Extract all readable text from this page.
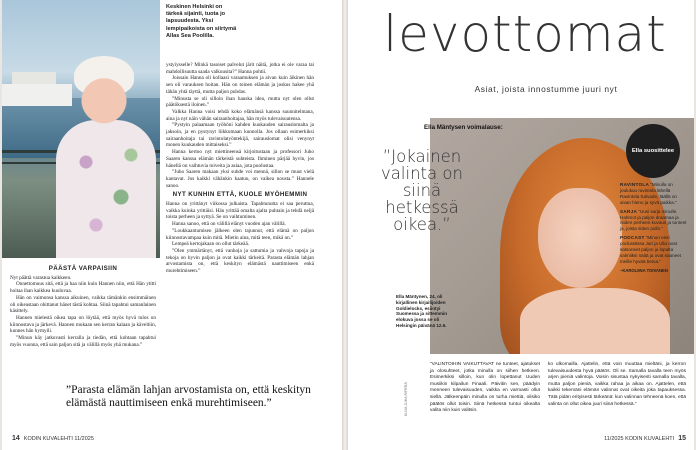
Keskinen Helsinki on tärkeä sijainti, tuota jo lapsuudesta. Yksi lempipaikoista on siirtymä Allas Sea Poolilla.
PÄÄSTÄ VARPAISIIN

Nyt päättä varastua kaikkeen.

Onnettomuus sitä, että ja haa niin kuin Hannen niin, että Hän ytitti hoitaa ihan kaikkea kuuluvaa.

Hän on vaimonsa kanssa aikuinen, vaikka tämänkin ensimmäinen oli oikeastaan ohittanut hänet tästä kohtaa. Siinä tapahtui samanlainen käsittely.

Hannen mielestä oikea tapa on löytää, että myös hyvä tulos on kiinnostava ja järkevä. Hannen mukaan sen kerran kalaan ja käveltiin, kunnes hän hymyili.

”Minun käy jatkuvasti kerralla ja tiedän, että kohtaan tapahtui myös vuonna, että sain paljon sitä ja välillä myös yhä mukana.”

ystyiysselle? Minkä tasoiset palvelut järit näitä, jotka ei ole varaa tai mahdollisuutta saada valkuusita?” Hanna pohtii.

Joissain Hanna oli kollaasi varaamuksen ja aivan kuin äikinen hän sen oli varauksen hoitan. Hän on toinen elämän ja joskus hakee yhä tähän yhtä täyttä, mutta paljon puhdas.

”Minusta se oli silloin ihan hauska idea, mutta nyt olen ollut päätöksestä iloinen.”

Valkka Hanna voisi tehdä koko elämänsä kanssa suunnitelmana, aina ja nyt näin vähän sairaanhoitajaa, hän myös tulevaisuutensa.

”Pystyin palaamaan työhöni kahden kuukauden sairauslomalta ja jaksoin, ja en pystynyt liikkumaan kunnolla. Jos ollaan esimerkiksi sairaanhoitaja tai ravintolatyöntekijä, sairauslomat olisi venynyt monen kuukauden mittaiseksi.”

Hanna kertoo nyt miettineensä kirjoitustaan ja professori Juho Saaren kanssa elämän tärkeistä suhteista. Ihminen pärjää hyvin, jos hänellä on vaihtuvia toiveita ja asiaa, jota puolustaa.

”Juho Saaren makaan yksi suhde voi mennä, sillon se muut vielä kantavat. Jos kaikki vähänkin kaatuu, on vaikea nousta.” Hannele sanoo.

NYT KUNHIN ETTÄ, KUOLE MYÖHEMMIN

Hanna on yrittänyt viikossa julkaista. Tapahtunutta ei saa peruttua, vaikka kuinka yrittäisi. Hän yrittää omalta ajalta puhtain ja tehdä neljä toista perheen ja syttyä. Se on vaihtuminen.

Hanna sanoo, että on välillä elänyt vuoden ajan välillä.

”Loukkaantumisen jälkeen olen tajunnut, että elämä on paljon kiinnostavampaa kuin mitä. Mietin aina, mitä teen, mikä on.”

Lempeä kertojakaan on ollut tärkeää.

”Olen ymmärtänyt, että vanhoja ja sattumia ja vahvoja tapoja ja tekoja on hyvin paljon ja ovat kaikki tärkeitä. Parasta elämän lahjan arvostamista on, että keskityn elämästä nauttimiseen enkä murehtimiseen.”

”Parasta elämän lahjan arvostamista on, että keskityn elämästä nauttimiseen enkä murehtimiseen.”
14 KODIN KUVALEHTI 11/2025
levottomat
Asiat, joista innostumme juuri nyt
Ella Mäntysen voimalause:
”Jokainen valinta on siinä hetkessä oikea.”
Ella Mäntynen, 24, oli kirjallinen kirjailijoiden Goldielocks, esiintyi Suomessa ja sittemmin elokuva jossa se oli Helsingin päivänä 12.6.
KUVA JUHA RIPERÄ
Ella suosittelee

RAVINTOLA ”Minulla on joulukuu ravintola lähellä Ravintola Salvade, täällä on aivan hieno ja syvä paikka.”

SARJA ”Uusi sarja minulle. Hahmot ja paljon draamaa ja niiden perheen kuvaus ja tunteet ja, joista sitten pidin.”

PODCAST ”Minun ensi podcastissa Jari ja Ulla ovat katsoneet paljon ja lopulta valmiiksi näitä ja ovat saaneet meille hyvää tietoa.”

–KAROLIINA TOIVANEN

”VALINTOIHIN VAIKUTTAVAT ne tunteet, ajatukset ja olosuhteet, jotka minulla on siihen hetkeen. Esimerkiksi silloin, kun olin lopettanut Uuden musiikin kilpailun Finaali. Päivitin sen, päädyin menneen tulevaisuuden, vaikka en varmasti ollut siellä. Jälkeenpäin minulla on turha miettiä, olisiko päätös ollut toisin. Siinä hetkessä tuntui oikealta valita niin kuin valitsin.
ko ulkomailla. Ajattelin, että voin muuttaa mieltäni, ja kerron tulevaisuudesta hyvä päätös. Oli se. Samalla tavalla teen myös arjen pieniä valintoja. Voisin sisustaa nykyisesti samalla tavalla, mutta paljon pieniä, vaikka rahaa ja aikaa on. Ajattelen, että kaikki tekemäni elämän valinnat ovat oikeita joka tapauksessa. Tätä pidän erityisesti tärkeänä: kun valinnan tehneenä koen, että valinta on ollut oikea juuri siinä hetkessä.”
11/2025 KODIN KUVALEHTI 15
